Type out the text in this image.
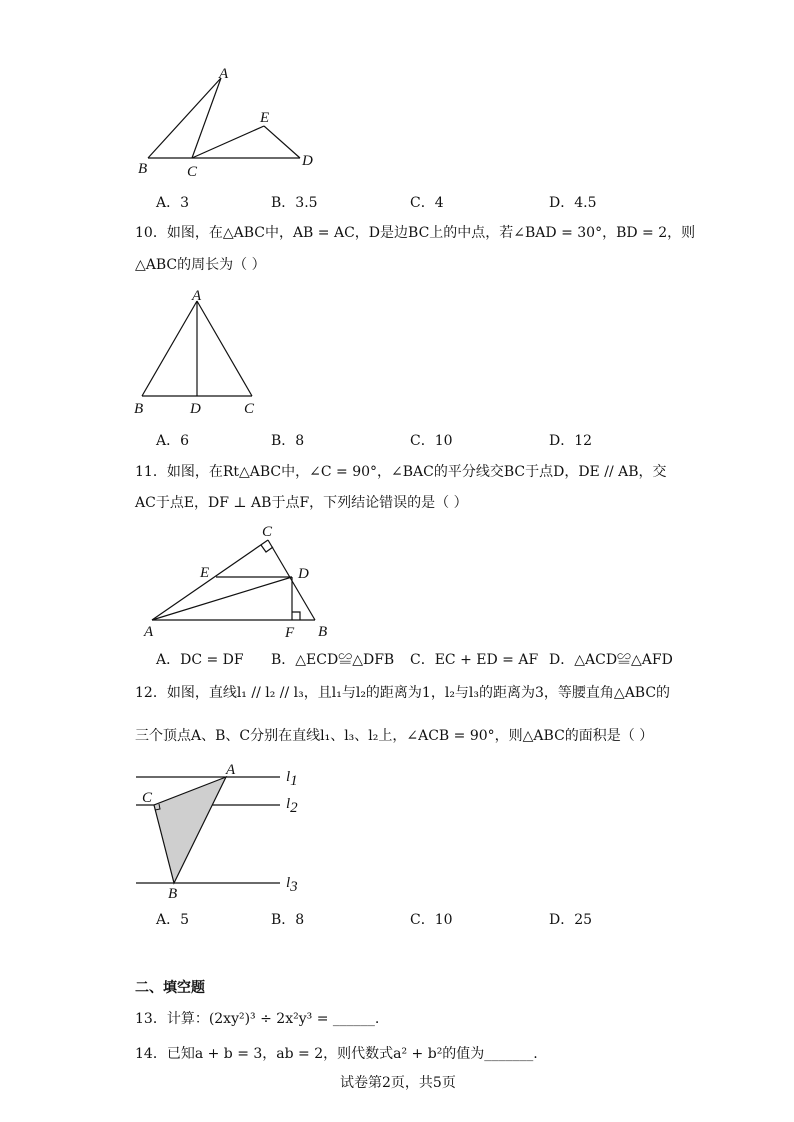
A
B	C
D
E
A．3	B．3.5	C．4	D．4.5
10．如图，在△ABC中，AB = AC，D是边BC上的中点，若∠BAD = 30°，BD = 2，则
△ABC的周长为（ ）
A
B	D	C
A．6	B．8	C．10	D．12
11．如图，在Rt△ABC中，∠C = 90°，∠BAC的平分线交BC于点D，DE // AB，交
AC于点E，DF ⊥ AB于点F，下列结论错误的是（ ）
C
E	D
A	F B
A．DC = DF B．△ECD≌△DFB C．EC + ED = AF D．△ACD≌△AFD
12．如图，直线l₁ // l₂ // l₃，且l₁与l₂的距离为1，l₂与l₃的距离为3，等腰直角△ABC的
三个顶点A、B、C分别在直线l₁、l₃、l₂上，∠ACB = 90°，则△ABC的面积是（ ）
A
C
B
l1
l2
l3
A．5	B．8	C．10	D．25
二、填空题
13．计算：(2xy²)³ ÷ 2x²y³ = ______.
14．已知a + b = 3，ab = 2，则代数式a² + b²的值为_______.
试卷第2页，共5页
